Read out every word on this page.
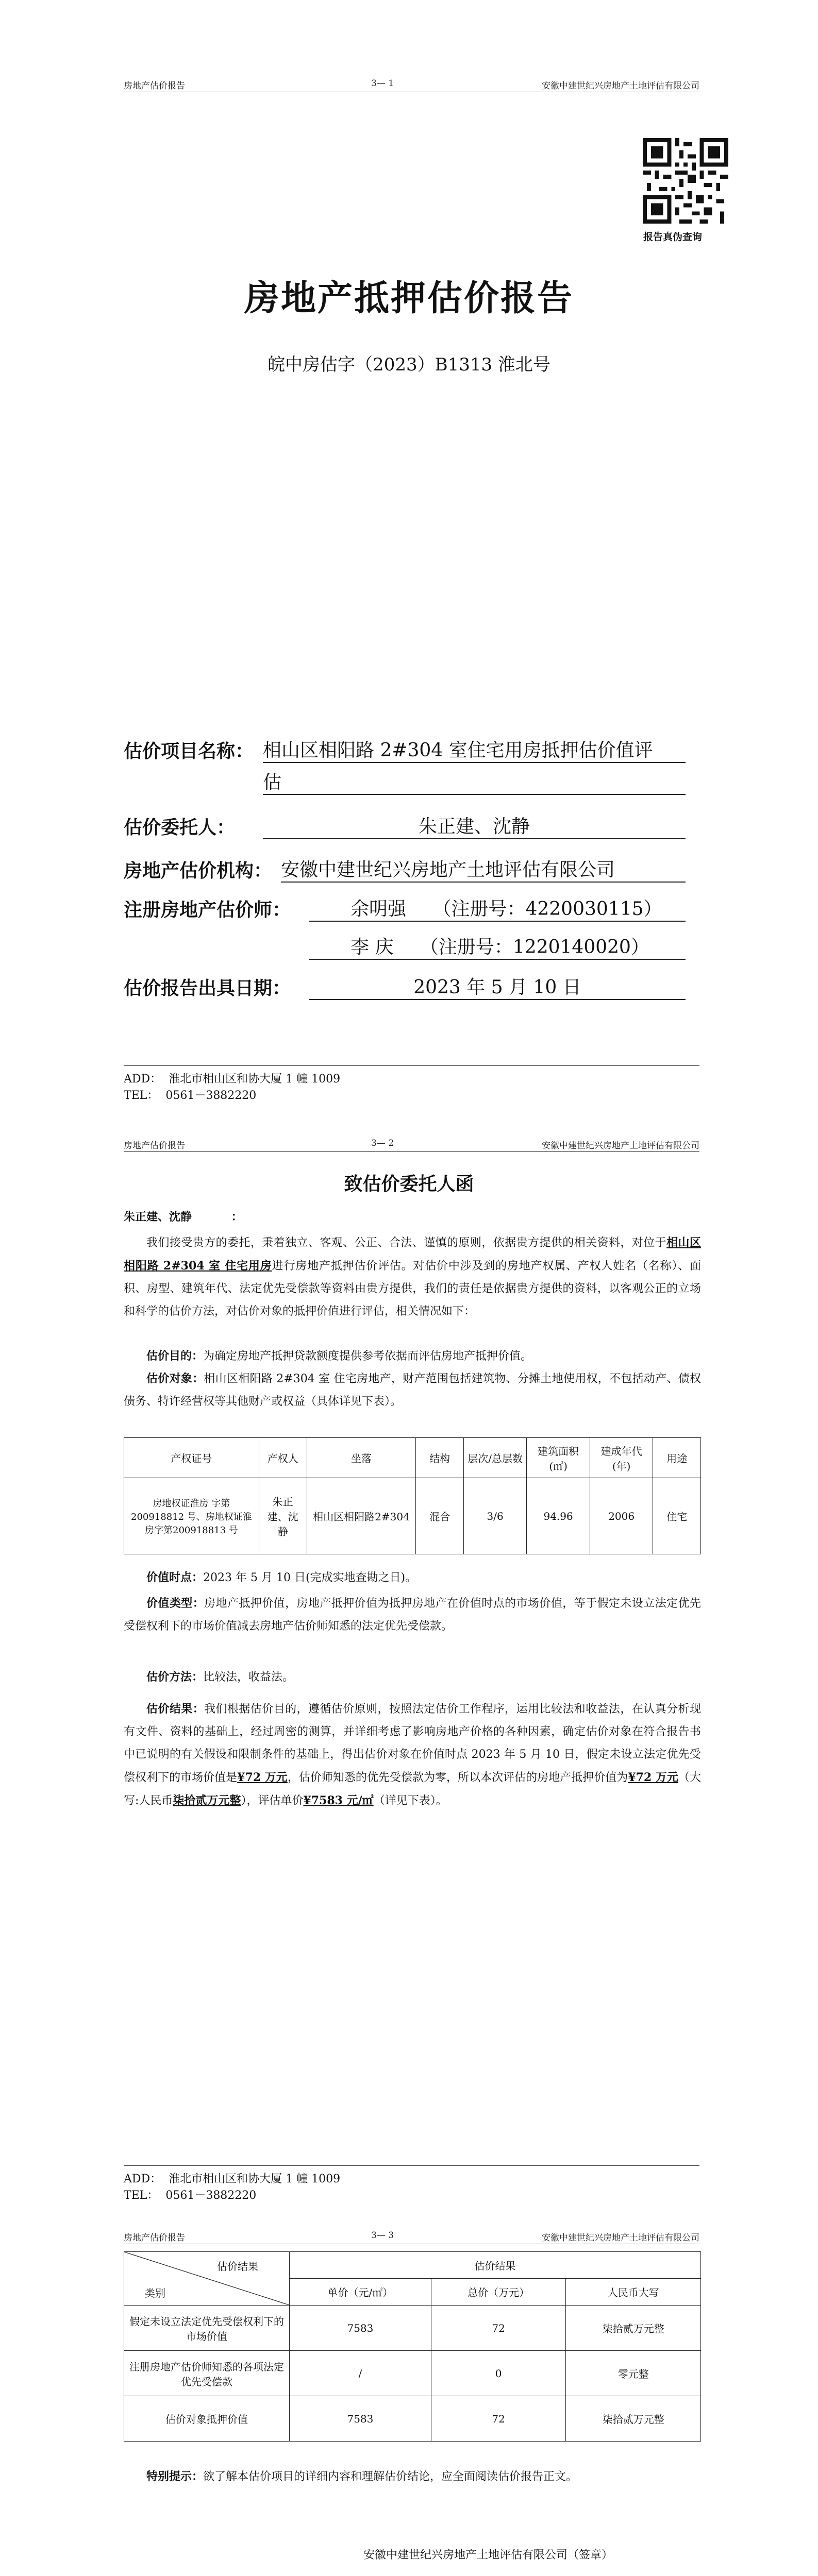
房地产估价报告	3— 1	安徽中建世纪兴房地产土地评估有限公司
报告真伪查询
房地产抵押估价报告
皖中房估字（2023）B1313 淮北号
估价项目名称： 相山区相阳路 2#304 室住宅用房抵押估价值评
估
估价委托人：	朱正建、沈静
房地产估价机构： 安徽中建世纪兴房地产土地评估有限公司
注册房地产估价师：	余明强 （注册号：4220030115）
李 庆 （注册号：1220140020）
估价报告出具日期：	2023 年 5 月 10 日
ADD：  淮北市相山区和协大厦 1 幢 1009
TEL：  0561－3882220
房地产估价报告	3— 2	安徽中建世纪兴房地产土地评估有限公司
致估价委托人函
朱正建、沈静          ：
我们接受贵方的委托，秉着独立、客观、公正、合法、谨慎的原则，依据贵方提供的相关资料，对位于相山区相阳路 2#304 室 住宅用房进行房地产抵押估价评估。对估价中涉及到的房地产权属、产权人姓名（名称）、面积、房型、建筑年代、法定优先受偿款等资料由贵方提供，我们的责任是依据贵方提供的资料，以客观公正的立场和科学的估价方法，对估价对象的抵押价值进行评估，相关情况如下：
估价目的：为确定房地产抵押贷款额度提供参考依据而评估房地产抵押价值。
估价对象：相山区相阳路 2#304 室 住宅房地产，财产范围包括建筑物、分摊土地使用权，不包括动产、债权债务、特许经营权等其他财产或权益（具体详见下表）。
产权证号	产权人	坐落	结构	层次/总层数	建筑面积(㎡)	建成年代(年)	用途
房地权证淮房 字第200918812 号、房地权证淮房字第200918813 号	朱正建、沈静	相山区相阳路2#304	混合	3/6	94.96	2006	住宅
价值时点：2023 年 5 月 10 日(完成实地查勘之日)。
价值类型：房地产抵押价值，房地产抵押价值为抵押房地产在价值时点的市场价值，等于假定未设立法定优先受偿权利下的市场价值减去房地产估价师知悉的法定优先受偿款。
估价方法：比较法，收益法。
估价结果：我们根据估价目的，遵循估价原则，按照法定估价工作程序，运用比较法和收益法，在认真分析现有文件、资料的基础上，经过周密的测算，并详细考虑了影响房地产价格的各种因素，确定估价对象在符合报告书中已说明的有关假设和限制条件的基础上，得出估价对象在价值时点 2023 年 5 月 10 日，假定未设立法定优先受偿权利下的市场价值是¥72 万元，估价师知悉的优先受偿款为零，所以本次评估的房地产抵押价值为¥72 万元（大写:人民币柒拾贰万元整），评估单价¥7583 元/㎡（详见下表）。
ADD：  淮北市相山区和协大厦 1 幢 1009
TEL：  0561－3882220
房地产估价报告	3— 3	安徽中建世纪兴房地产土地评估有限公司
估价结果
类别	估价结果		
	单价（元/㎡）	总价（万元）	人民币大写
假定未设立法定优先受偿权利下的市场价值	7583	72	柒拾贰万元整
注册房地产估价师知悉的各项法定优先受偿款	/	0	零元整
估价对象抵押价值	7583	72	柒拾贰万元整
特别提示：欲了解本估价项目的详细内容和理解估价结论，应全面阅读估价报告正文。
安徽中建世纪兴房地产土地评估有限公司（签章）
